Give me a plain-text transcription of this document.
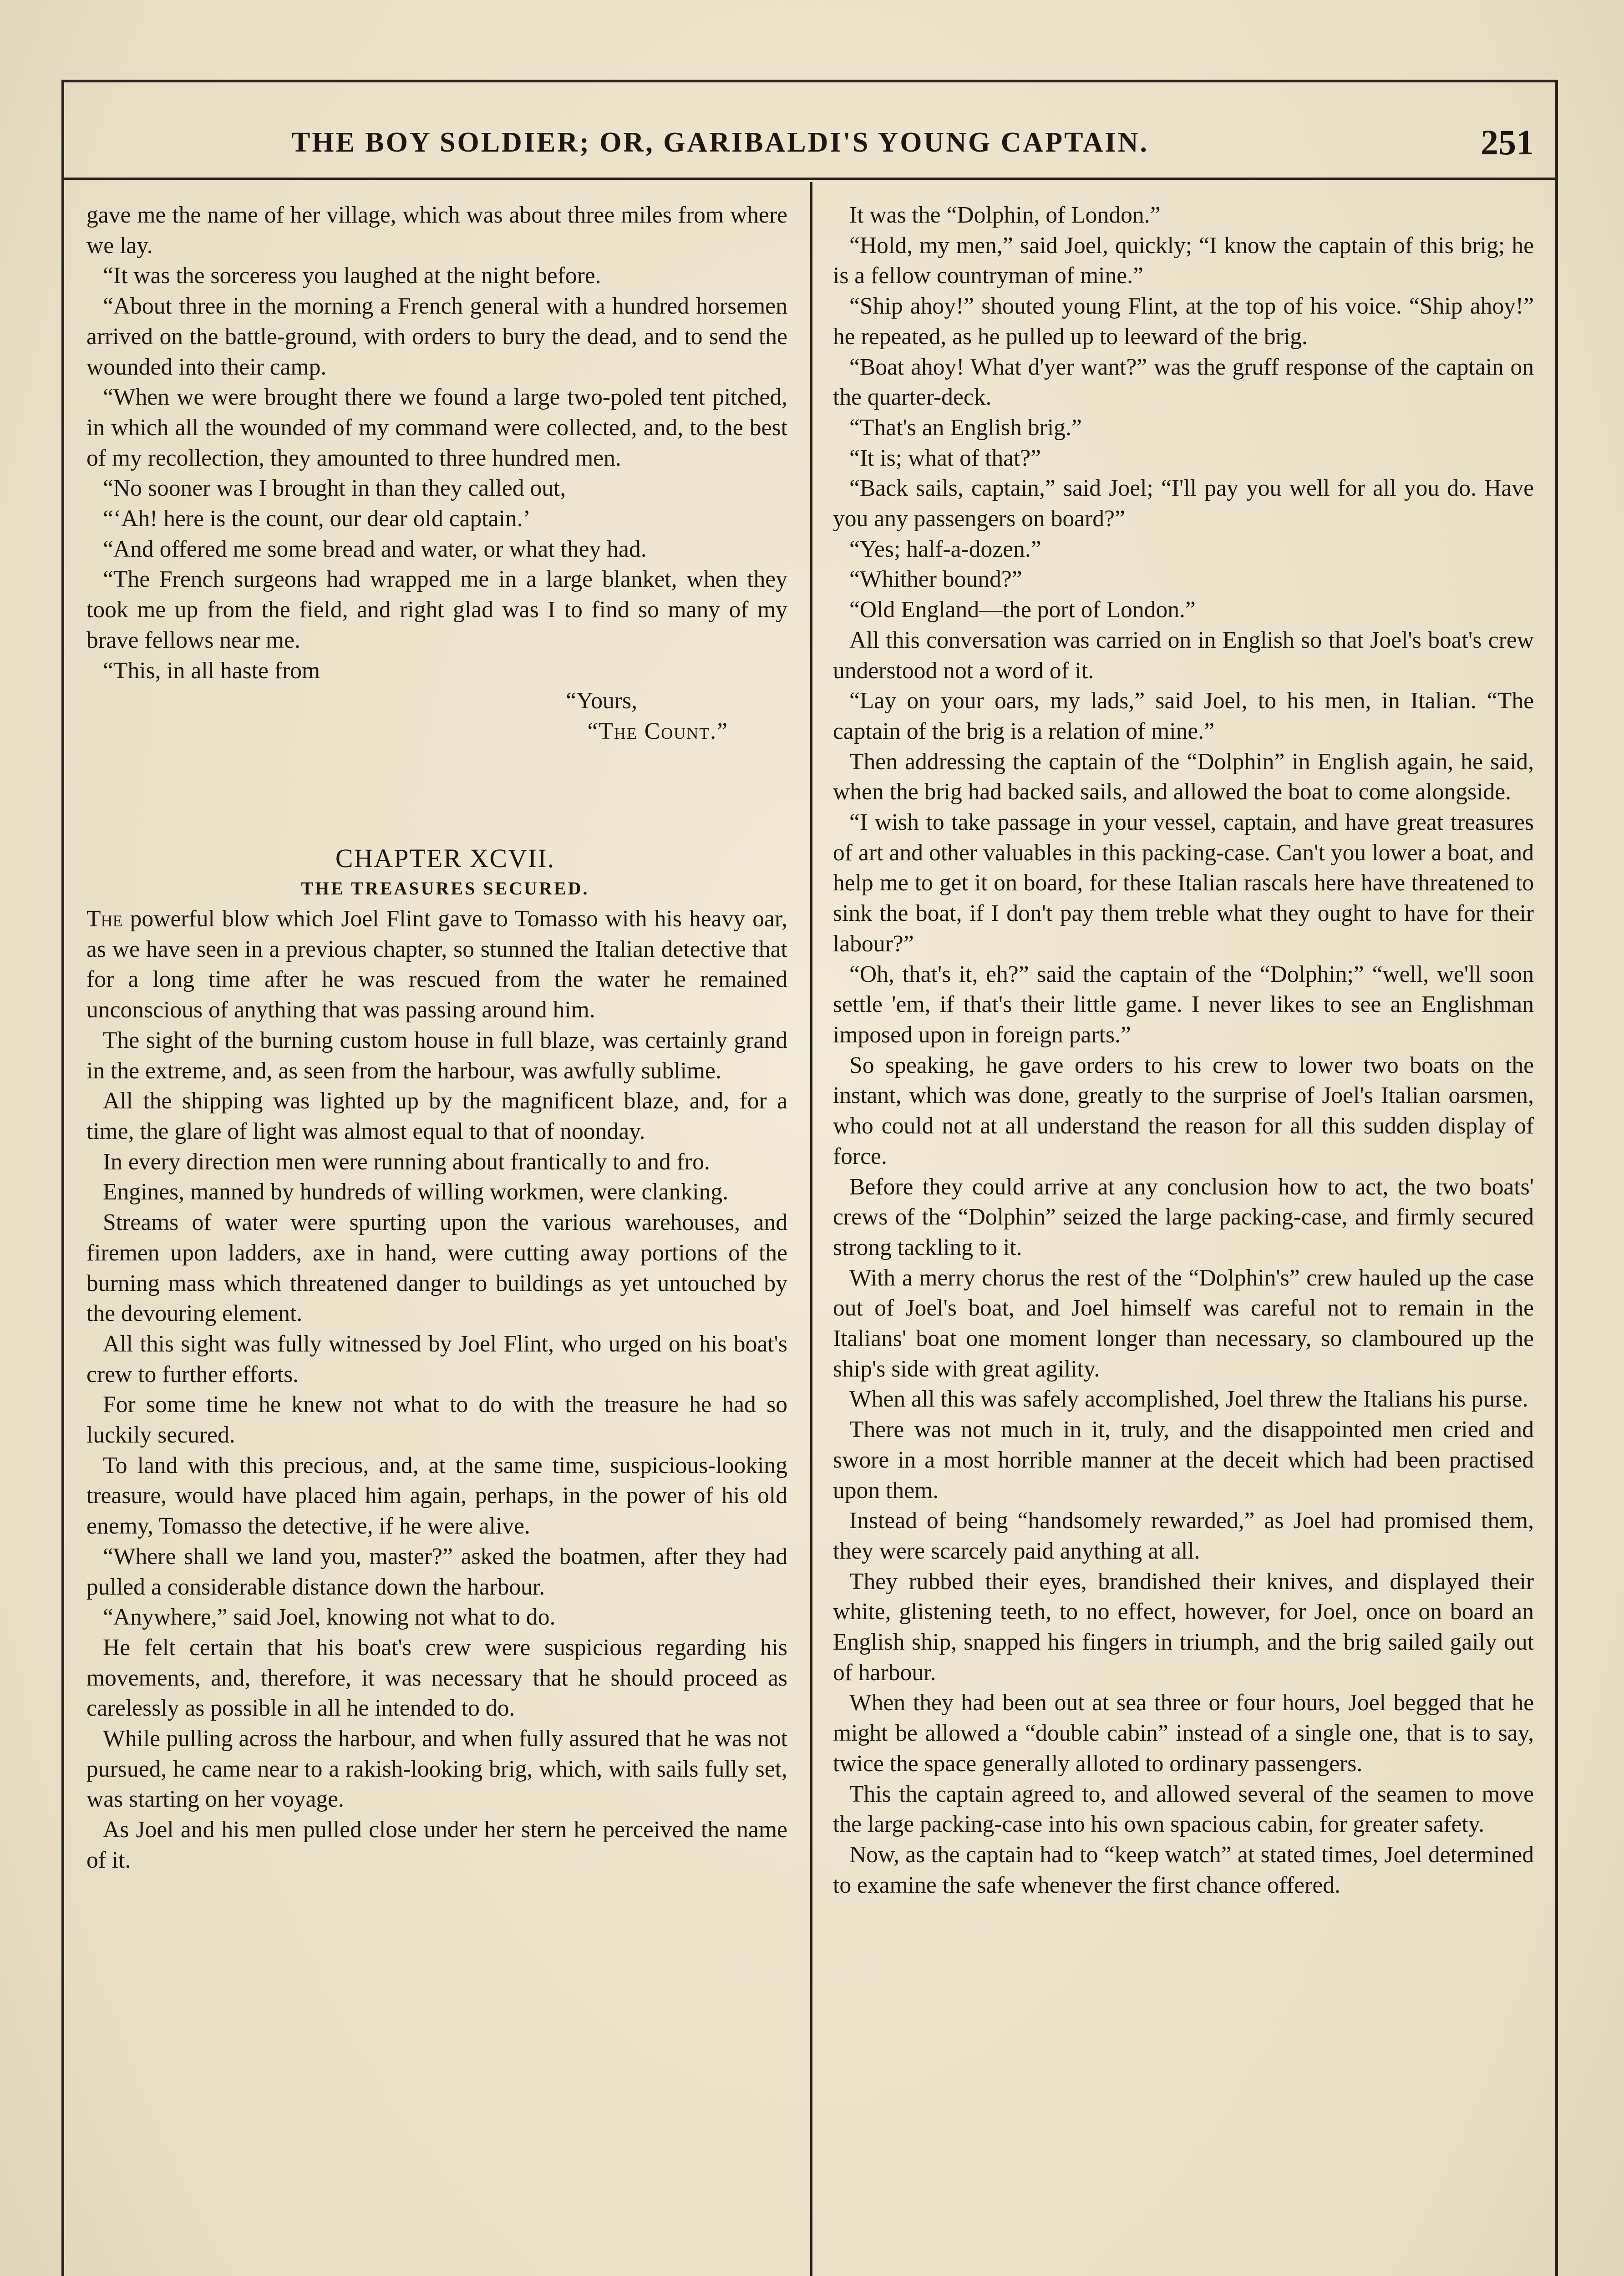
THE BOY SOLDIER; OR, GARIBALDI'S YOUNG CAPTAIN.	251

gave me the name of her village, which was about three miles from where we lay.

“It was the sorceress you laughed at the night before.

“About three in the morning a French general with a hundred horsemen arrived on the battle-ground, with orders to bury the dead, and to send the wounded into their camp.

“When we were brought there we found a large two-poled tent pitched, in which all the wounded of my command were collected, and, to the best of my recollection, they amounted to three hundred men.

“No sooner was I brought in than they called out,

“‘Ah! here is the count, our dear old captain.’

“And offered me some bread and water, or what they had.

“The French surgeons had wrapped me in a large blanket, when they took me up from the field, and right glad was I to find so many of my brave fellows near me.

“This, in all haste from

“Yours,

“The Count.”

CHAPTER XCVII.

THE TREASURES SECURED.

The powerful blow which Joel Flint gave to Tomasso with his heavy oar, as we have seen in a previous chapter, so stunned the Italian detective that for a long time after he was rescued from the water he remained unconscious of anything that was passing around him.

The sight of the burning custom house in full blaze, was certainly grand in the extreme, and, as seen from the harbour, was awfully sublime.

All the shipping was lighted up by the magnificent blaze, and, for a time, the glare of light was almost equal to that of noonday.

In every direction men were running about frantically to and fro.

Engines, manned by hundreds of willing workmen, were clanking.

Streams of water were spurting upon the various warehouses, and firemen upon ladders, axe in hand, were cutting away portions of the burning mass which threatened danger to buildings as yet untouched by the devouring element.

All this sight was fully witnessed by Joel Flint, who urged on his boat's crew to further efforts.

For some time he knew not what to do with the treasure he had so luckily secured.

To land with this precious, and, at the same time, suspicious-looking treasure, would have placed him again, perhaps, in the power of his old enemy, Tomasso the detective, if he were alive.

“Where shall we land you, master?” asked the boatmen, after they had pulled a considerable distance down the harbour.

“Anywhere,” said Joel, knowing not what to do.

He felt certain that his boat's crew were suspicious regarding his movements, and, therefore, it was necessary that he should proceed as carelessly as possible in all he intended to do.

While pulling across the harbour, and when fully assured that he was not pursued, he came near to a rakish-looking brig, which, with sails fully set, was starting on her voyage.

As Joel and his men pulled close under her stern he perceived the name of it.

It was the “Dolphin, of London.”

“Hold, my men,” said Joel, quickly; “I know the captain of this brig; he is a fellow countryman of mine.”

“Ship ahoy!” shouted young Flint, at the top of his voice. “Ship ahoy!” he repeated, as he pulled up to leeward of the brig.

“Boat ahoy! What d'yer want?” was the gruff response of the captain on the quarter-deck.

“That's an English brig.”

“It is; what of that?”

“Back sails, captain,” said Joel; “I'll pay you well for all you do. Have you any passengers on board?”

“Yes; half-a-dozen.”

“Whither bound?”

“Old England—the port of London.”

All this conversation was carried on in English so that Joel's boat's crew understood not a word of it.

“Lay on your oars, my lads,” said Joel, to his men, in Italian. “The captain of the brig is a relation of mine.”

Then addressing the captain of the “Dolphin” in English again, he said, when the brig had backed sails, and allowed the boat to come alongside.

“I wish to take passage in your vessel, captain, and have great treasures of art and other valuables in this packing-case. Can't you lower a boat, and help me to get it on board, for these Italian rascals here have threatened to sink the boat, if I don't pay them treble what they ought to have for their labour?”

“Oh, that's it, eh?” said the captain of the “Dolphin;” “well, we'll soon settle 'em, if that's their little game. I never likes to see an Englishman imposed upon in foreign parts.”

So speaking, he gave orders to his crew to lower two boats on the instant, which was done, greatly to the surprise of Joel's Italian oarsmen, who could not at all understand the reason for all this sudden display of force.

Before they could arrive at any conclusion how to act, the two boats' crews of the “Dolphin” seized the large packing-case, and firmly secured strong tackling to it.

With a merry chorus the rest of the “Dolphin's” crew hauled up the case out of Joel's boat, and Joel himself was careful not to remain in the Italians' boat one moment longer than necessary, so clamboured up the ship's side with great agility.

When all this was safely accomplished, Joel threw the Italians his purse.

There was not much in it, truly, and the disappointed men cried and swore in a most horrible manner at the deceit which had been practised upon them.

Instead of being “handsomely rewarded,” as Joel had promised them, they were scarcely paid anything at all.

They rubbed their eyes, brandished their knives, and displayed their white, glistening teeth, to no effect, however, for Joel, once on board an English ship, snapped his fingers in triumph, and the brig sailed gaily out of harbour.

When they had been out at sea three or four hours, Joel begged that he might be allowed a “double cabin” instead of a single one, that is to say, twice the space generally alloted to ordinary passengers.

This the captain agreed to, and allowed several of the seamen to move the large packing-case into his own spacious cabin, for greater safety.

Now, as the captain had to “keep watch” at stated times, Joel determined to examine the safe whenever the first chance offered.
